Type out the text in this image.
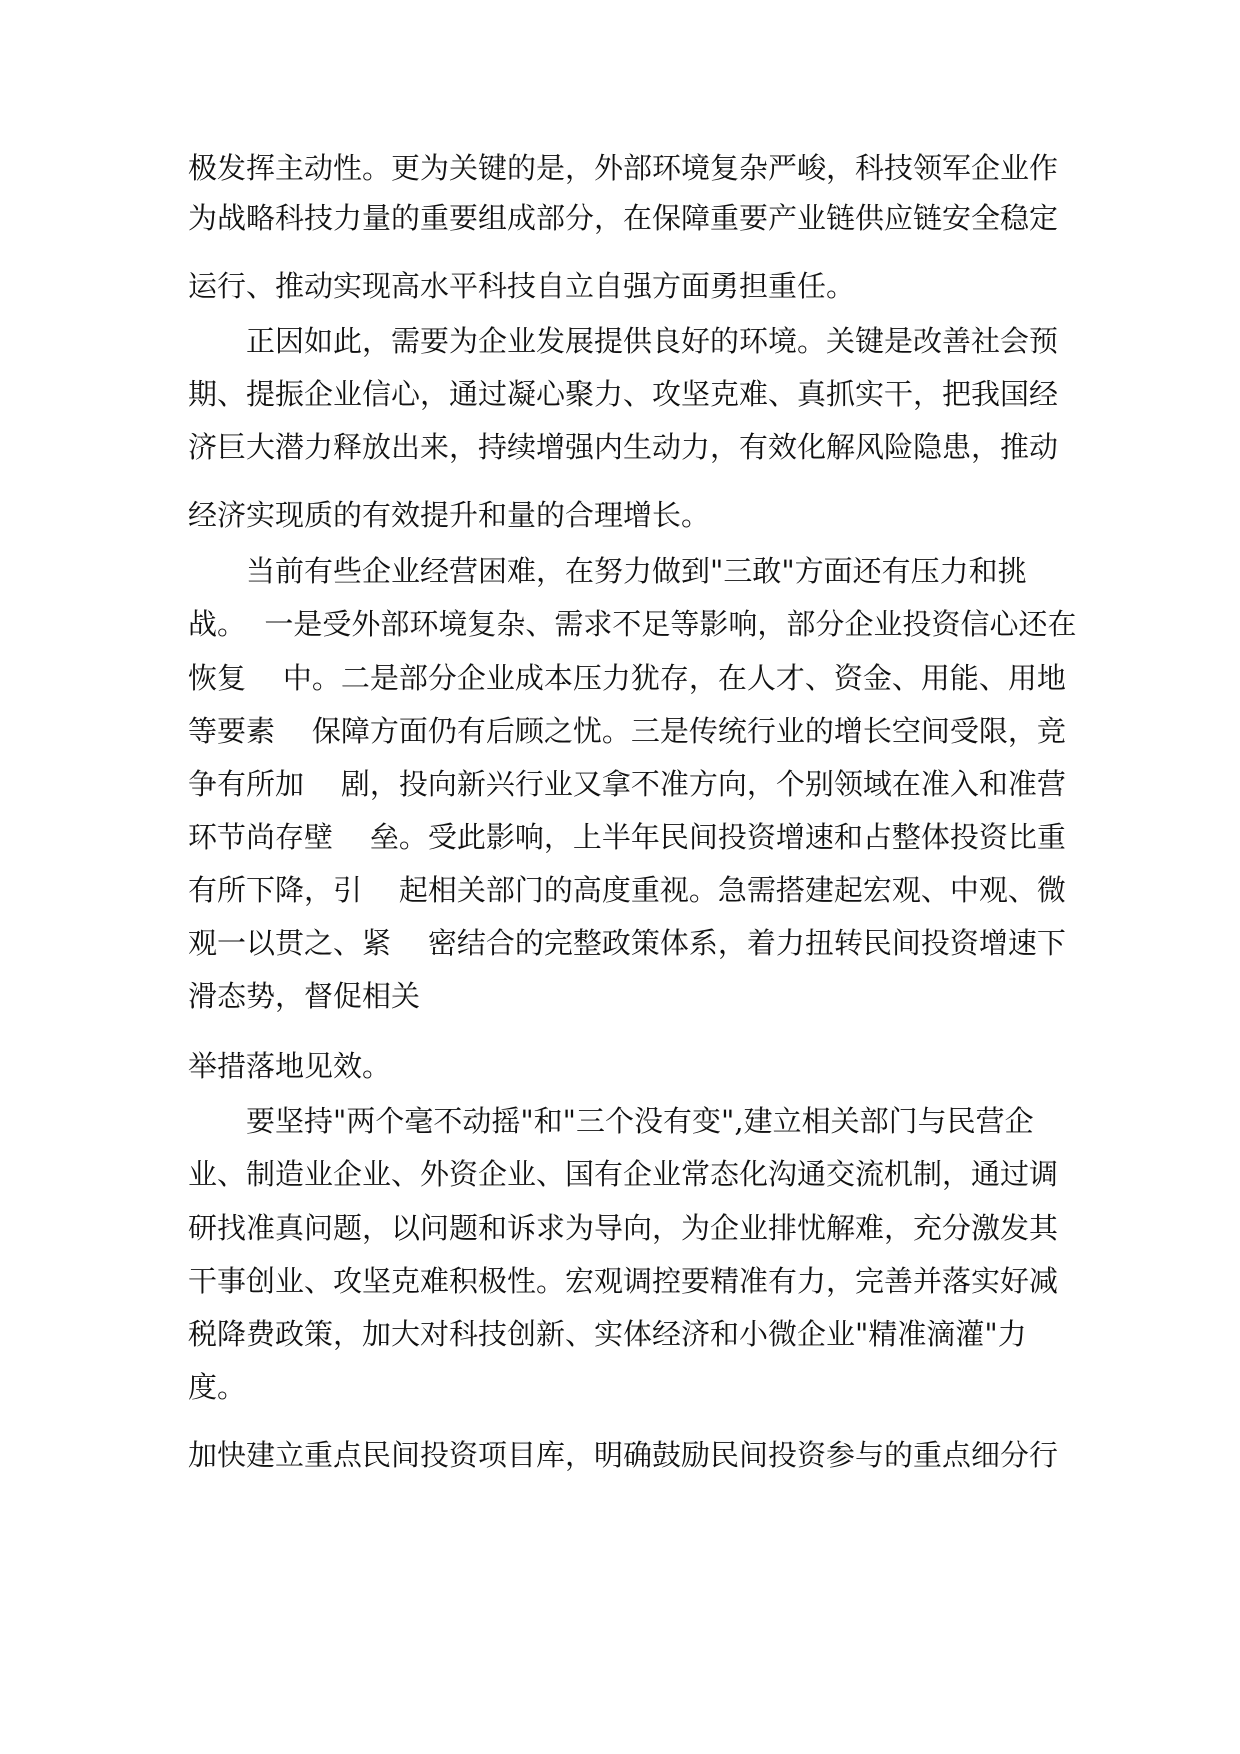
极发挥主动性。更为关键的是，外部环境复杂严峻，科技领军企业作

为战略科技力量的重要组成部分，在保障重要产业链供应链安全稳定

运行、推动实现高水平科技自立自强方面勇担重任。

正因如此，需要为企业发展提供良好的环境。关键是改善社会预

期、提振企业信心，通过凝心聚力、攻坚克难、真抓实干，把我国经

济巨大潜力释放出来，持续增强内生动力，有效化解风险隐患，推动

经济实现质的有效提升和量的合理增长。

当前有些企业经营困难，在努力做到"三敢"方面还有压力和挑

战。  一是受外部环境复杂、需求不足等影响，部分企业投资信心还在

恢复    中。二是部分企业成本压力犹存，在人才、资金、用能、用地

等要素    保障方面仍有后顾之忧。三是传统行业的增长空间受限，竞

争有所加    剧，投向新兴行业又拿不准方向，个别领域在准入和准营

环节尚存壁    垒。受此影响，上半年民间投资增速和占整体投资比重

有所下降，引    起相关部门的高度重视。急需搭建起宏观、中观、微

观一以贯之、紧    密结合的完整政策体系，着力扭转民间投资增速下

滑态势，督促相关

举措落地见效。

要坚持"两个毫不动摇"和"三个没有变",建立相关部门与民营企

业、制造业企业、外资企业、国有企业常态化沟通交流机制，通过调

研找准真问题，以问题和诉求为导向，为企业排忧解难，充分激发其

干事创业、攻坚克难积极性。宏观调控要精准有力，完善并落实好减

税降费政策，加大对科技创新、实体经济和小微企业"精准滴灌"力

度。

加快建立重点民间投资项目库，明确鼓励民间投资参与的重点细分行
